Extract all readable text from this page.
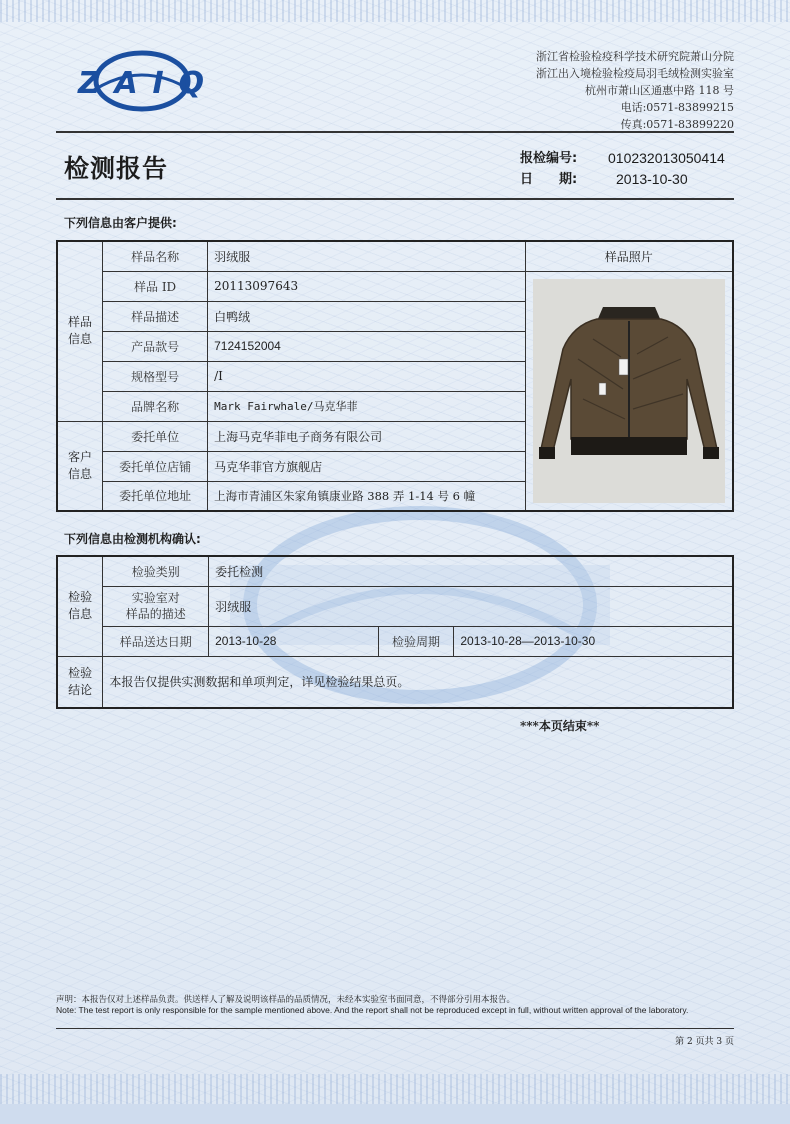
ZAIQ
浙江省检验检疫科学技术研究院萧山分院
浙江出入境检验检疫局羽毛绒检测实验室
杭州市萧山区通惠中路 118 号
电话:0571-83899215
传真:0571-83899220
检测报告	报检编号:	010232013050414
日　　期:	2013-10-30
下列信息由客户提供:
样品
信息	样品名称	羽绒服	样品照片
	样品 ID	20113097643	

	样品描述	白鸭绒	
	产品款号	7124152004	
	规格型号	/I	
	品牌名称	Mark Fairwhale/马克华菲	
客户
信息	委托单位	上海马克华菲电子商务有限公司	
	委托单位店铺	马克华菲官方旗舰店	
	委托单位地址	上海市青浦区朱家角镇康业路 388 弄 1-14 号 6 幢	
下列信息由检测机构确认:
检验
信息	检验类别	委托检测		
	实验室对
样品的描述	羽绒服		
	样品送达日期	2013-10-28	检验周期	2013-10-28—2013-10-30
检验
结论	本报告仅提供实测数据和单项判定，详见检验结果总页。			
***本页结束**
声明：本报告仅对上述样品负责。供送样人了解及说明该样品的品质情况，未经本实验室书面同意，不得部分引用本报告。
Note: The test report is only responsible for the sample mentioned above. And the report shall not be reproduced except in full, without written approval of the laboratory.
第 2 页共 3 页
